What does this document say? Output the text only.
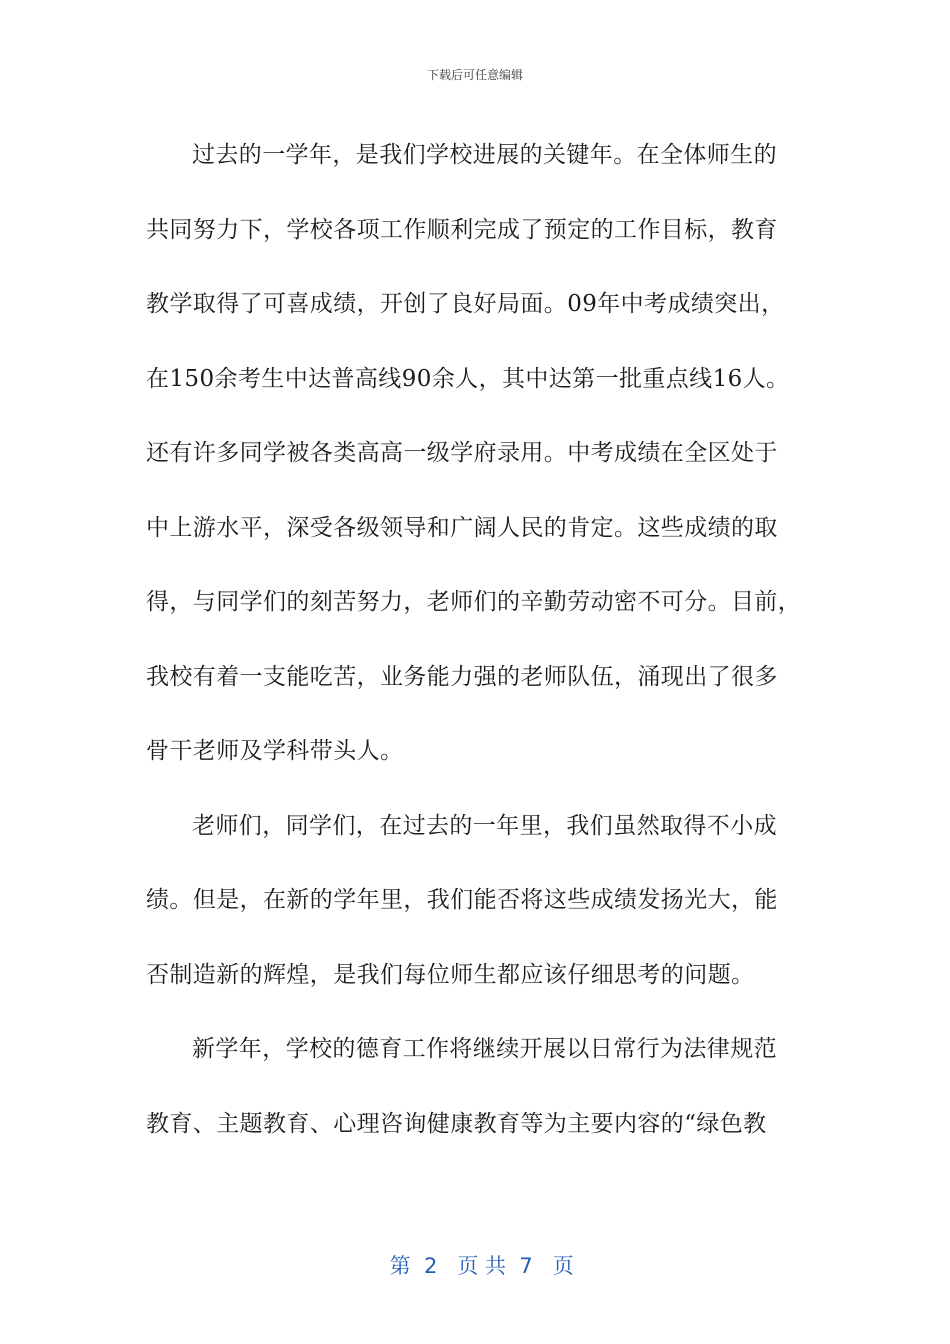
下载后可任意编辑

过去的一学年，是我们学校进展的关键年。在全体师生的
共同努力下，学校各项工作顺利完成了预定的工作目标，教育
教学取得了可喜成绩，开创了良好局面。09年中考成绩突出，
在150余考生中达普高线90余人，其中达第一批重点线16人。
还有许多同学被各类高高一级学府录用。中考成绩在全区处于
中上游水平，深受各级领导和广阔人民的肯定。这些成绩的取
得，与同学们的刻苦努力，老师们的辛勤劳动密不可分。目前，
我校有着一支能吃苦，业务能力强的老师队伍，涌现出了很多
骨干老师及学科带头人。

老师们，同学们，在过去的一年里，我们虽然取得不小成
绩。但是，在新的学年里，我们能否将这些成绩发扬光大，能
否制造新的辉煌，是我们每位师生都应该仔细思考的问题。

新学年，学校的德育工作将继续开展以日常行为法律规范
教育、主题教育、心理咨询健康教育等为主要内容的“绿色教

第  2   页 共  7   页
